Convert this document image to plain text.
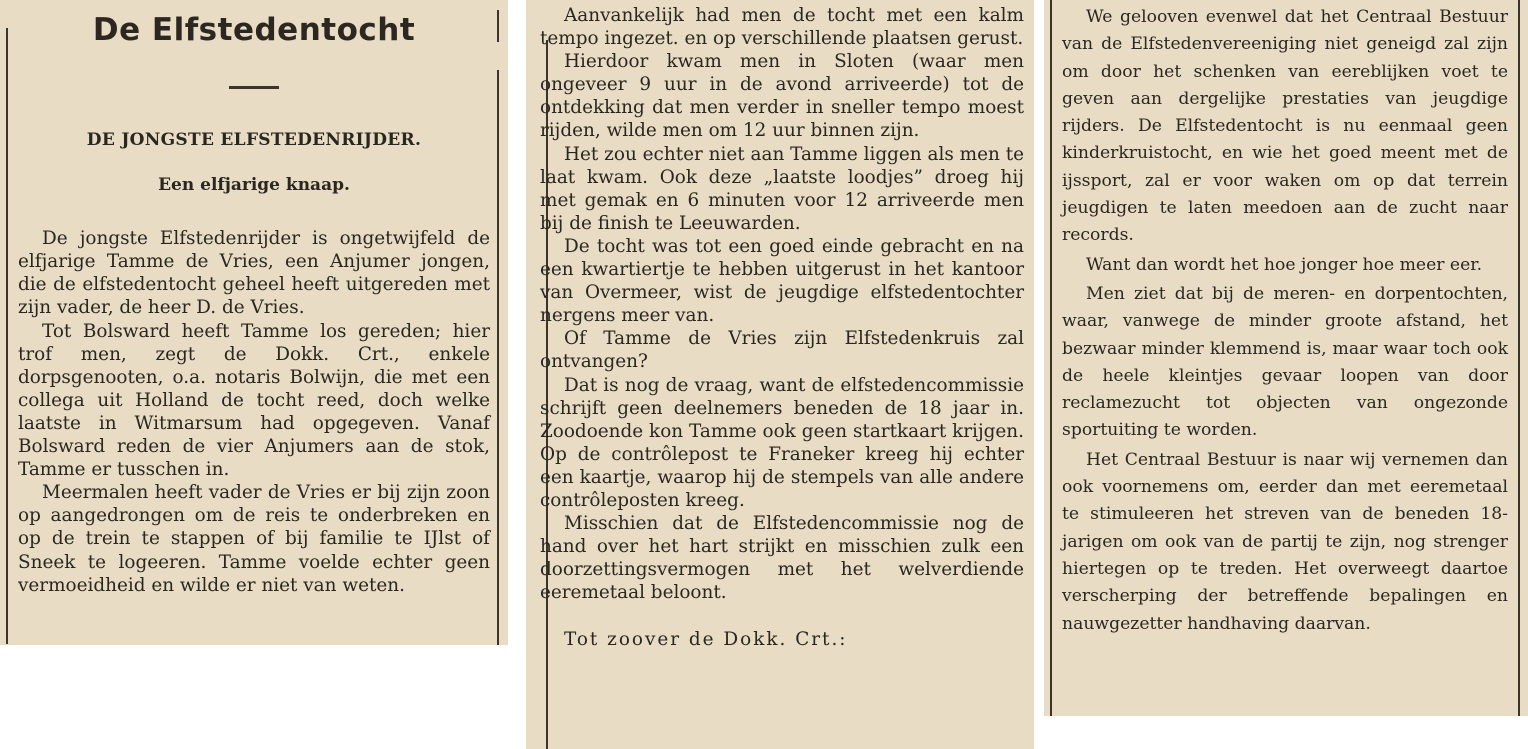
De Elfstedentocht
DE JONGSTE ELFSTEDENRIJDER.
Een elfjarige knaap.

De jongste Elfstedenrijder is ongetwijfeld de elfjarige Tamme de Vries, een Anjumer jongen, die de elfstedentocht geheel heeft uitgereden met zijn vader, de heer D. de Vries.

Tot Bolsward heeft Tamme los gereden; hier trof men, zegt de Dokk. Crt., enkele dorpsgenooten, o.a. notaris Bolwijn, die met een collega uit Holland de tocht reed, doch welke laatste in Witmarsum had opgegeven. Vanaf Bolsward reden de vier Anjumers aan de stok, Tamme er tusschen in.

Meermalen heeft vader de Vries er bij zijn zoon op aangedrongen om de reis te onderbreken en op de trein te stappen of bij familie te IJlst of Sneek te logeeren. Tamme voelde echter geen vermoeidheid en wilde er niet van weten.

Aanvankelijk had men de tocht met een kalm tempo ingezet. en op verschillende plaatsen gerust.

Hierdoor kwam men in Sloten (waar men ongeveer 9 uur in de avond arriveerde) tot de ontdekking dat men verder in sneller tempo moest rijden, wilde men om 12 uur binnen zijn.

Het zou echter niet aan Tamme liggen als men te laat kwam. Ook deze „laatste loodjes” droeg hij met gemak en 6 minuten voor 12 arriveerde men bij de finish te Leeuwarden.

De tocht was tot een goed einde gebracht en na een kwartiertje te hebben uitgerust in het kantoor van Overmeer, wist de jeugdige elfstedentochter nergens meer van.

Of Tamme de Vries zijn Elfstedenkruis zal ontvangen?

Dat is nog de vraag, want de elfstedencommissie schrijft geen deelnemers beneden de 18 jaar in. Zoodoende kon Tamme ook geen startkaart krijgen. Op de contrôlepost te Franeker kreeg hij echter een kaartje, waarop hij de stempels van alle andere contrôleposten kreeg.

Misschien dat de Elfstedencommissie nog de hand over het hart strijkt en misschien zulk een doorzettingsvermogen met het welverdiende eeremetaal beloont.

Tot zoover de Dokk. Crt.:

We gelooven evenwel dat het Centraal Bestuur van de Elfstedenvereeniging niet geneigd zal zijn om door het schenken van eereblijken voet te geven aan dergelijke prestaties van jeugdige rijders. De Elfstedentocht is nu eenmaal geen kinderkruistocht, en wie het goed meent met de ijssport, zal er voor waken om op dat terrein jeugdigen te laten meedoen aan de zucht naar records.

Want dan wordt het hoe jonger hoe meer eer.

Men ziet dat bij de meren- en dorpentochten, waar, vanwege de minder groote afstand, het bezwaar minder klemmend is, maar waar toch ook de heele kleintjes gevaar loopen van door reclamezucht tot objecten van ongezonde sportuiting te worden.

Het Centraal Bestuur is naar wij vernemen dan ook voornemens om, eerder dan met eeremetaal te stimuleeren het streven van de beneden 18-jarigen om ook van de partij te zijn, nog strenger hiertegen op te treden. Het overweegt daartoe verscherping der betreffende bepalingen en nauwgezetter handhaving daarvan.
